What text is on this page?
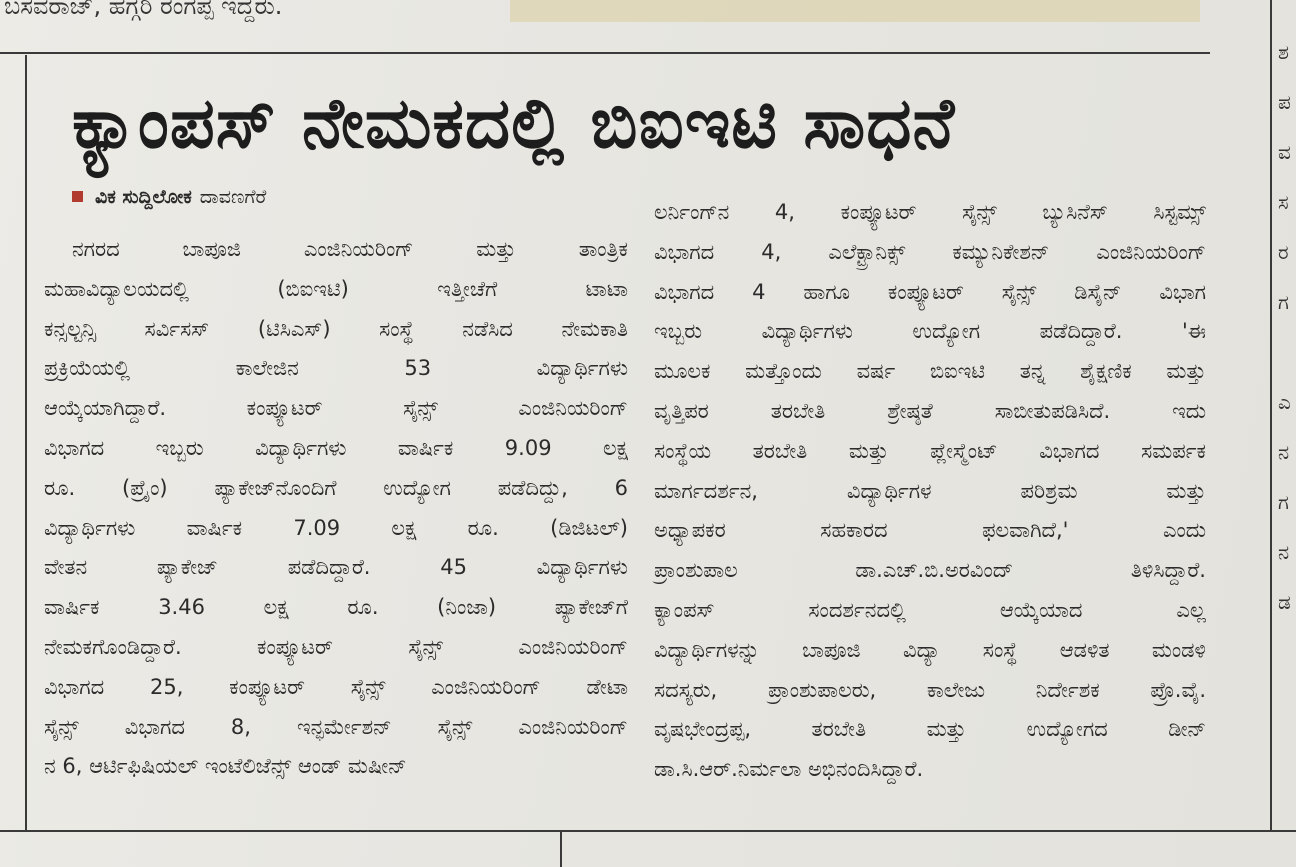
ಬಸವರಾಜ್, ಹಗ್ಗರಿ ರಂಗಪ್ಪ ಇದ್ದರು.
ಶ
ಪ
ವ
ಸ
ರ
ಗ
ಎ
ನ
ಗ
ನ
ಡ
ಕ್ಯಾಂಪಸ್ ನೇಮಕದಲ್ಲಿ ಬಿಐಇಟಿ ಸಾಧನೆ
ವಿಕ ಸುದ್ದಿಲೋಕ ದಾವಣಗೆರೆ
ನಗರದ ಬಾಪೂಜಿ ಎಂಜಿನಿಯರಿಂಗ್ ಮತ್ತು ತಾಂತ್ರಿಕ
ಮಹಾವಿದ್ಯಾಲಯದಲ್ಲಿ (ಬಿಐಇಟಿ) ಇತ್ತೀಚೆಗೆ ಟಾಟಾ
ಕನ್ಸಲ್ಟನ್ಸಿ ಸರ್ವಿಸಸ್ (ಟಿಸಿಎಸ್) ಸಂಸ್ಥೆ ನಡೆಸಿದ ನೇಮಕಾತಿ
ಪ್ರಕ್ರಿಯೆಯಲ್ಲಿ ಕಾಲೇಜಿನ 53 ವಿದ್ಯಾರ್ಥಿಗಳು
ಆಯ್ಕೆಯಾಗಿದ್ದಾರೆ. ಕಂಪ್ಯೂಟರ್ ಸೈನ್ಸ್ ಎಂಜಿನಿಯರಿಂಗ್
ವಿಭಾಗದ ಇಬ್ಬರು ವಿದ್ಯಾರ್ಥಿಗಳು ವಾರ್ಷಿಕ 9.09 ಲಕ್ಷ
ರೂ. (ಪ್ರೈಂ) ಪ್ಯಾಕೇಜ್‌ನೊಂದಿಗೆ ಉದ್ಯೋಗ ಪಡೆದಿದ್ದು, 6
ವಿದ್ಯಾರ್ಥಿಗಳು ವಾರ್ಷಿಕ 7.09 ಲಕ್ಷ ರೂ. (ಡಿಜಿಟಲ್)
ವೇತನ ಪ್ಯಾಕೇಜ್ ಪಡೆದಿದ್ದಾರೆ. 45 ವಿದ್ಯಾರ್ಥಿಗಳು
ವಾರ್ಷಿಕ 3.46 ಲಕ್ಷ ರೂ. (ನಿಂಜಾ) ಪ್ಯಾಕೇಜ್‌ಗೆ
ನೇಮಕಗೊಂಡಿದ್ದಾರೆ. ಕಂಪ್ಯೂಟರ್ ಸೈನ್ಸ್ ಎಂಜಿನಿಯರಿಂಗ್
ವಿಭಾಗದ 25, ಕಂಪ್ಯೂಟರ್ ಸೈನ್ಸ್ ಎಂಜಿನಿಯರಿಂಗ್ ಡೇಟಾ
ಸೈನ್ಸ್ ವಿಭಾಗದ 8, ಇನ್ಫರ್ಮೇಶನ್ ಸೈನ್ಸ್ ಎಂಜಿನಿಯರಿಂಗ್
ನ 6, ಆರ್ಟಿಫಿಷಿಯಲ್ ಇಂಟೆಲಿಜೆನ್ಸ್ ಆಂಡ್ ಮಷೀನ್
ಲರ್ನಿಂಗ್‌ನ 4, ಕಂಪ್ಯೂಟರ್ ಸೈನ್ಸ್ ಬ್ಯುಸಿನೆಸ್ ಸಿಸ್ಟಮ್ಸ್
ವಿಭಾಗದ 4, ಎಲೆಕ್ಟ್ರಾನಿಕ್ಸ್ ಕಮ್ಯುನಿಕೇಶನ್ ಎಂಜಿನಿಯರಿಂಗ್
ವಿಭಾಗದ 4 ಹಾಗೂ ಕಂಪ್ಯೂಟರ್ ಸೈನ್ಸ್ ಡಿಸೈನ್ ವಿಭಾಗ
ಇಬ್ಬರು ವಿದ್ಯಾರ್ಥಿಗಳು ಉದ್ಯೋಗ ಪಡೆದಿದ್ದಾರೆ. 'ಈ
ಮೂಲಕ ಮತ್ತೊಂದು ವರ್ಷ ಬಿಐಇಟಿ ತನ್ನ ಶೈಕ್ಷಣಿಕ ಮತ್ತು
ವೃತ್ತಿಪರ ತರಬೇತಿ ಶ್ರೇಷ್ಠತೆ ಸಾಬೀತುಪಡಿಸಿದೆ. ಇದು
ಸಂಸ್ಥೆಯ ತರಬೇತಿ ಮತ್ತು ಪ್ಲೇಸ್ಮೆಂಟ್ ವಿಭಾಗದ ಸಮರ್ಪಕ
ಮಾರ್ಗದರ್ಶನ, ವಿದ್ಯಾರ್ಥಿಗಳ ಪರಿಶ್ರಮ ಮತ್ತು
ಅಧ್ಯಾಪಕರ ಸಹಕಾರದ ಫಲವಾಗಿದೆ,' ಎಂದು
ಪ್ರಾಂಶುಪಾಲ ಡಾ.ಎಚ್.ಬಿ.ಅರವಿಂದ್ ತಿಳಿಸಿದ್ದಾರೆ.
ಕ್ಯಾಂಪಸ್ ಸಂದರ್ಶನದಲ್ಲಿ ಆಯ್ಕೆಯಾದ ಎಲ್ಲ
ವಿದ್ಯಾರ್ಥಿಗಳನ್ನು ಬಾಪೂಜಿ ವಿದ್ಯಾ ಸಂಸ್ಥೆ ಆಡಳಿತ ಮಂಡಳಿ
ಸದಸ್ಯರು, ಪ್ರಾಂಶುಪಾಲರು, ಕಾಲೇಜು ನಿರ್ದೇಶಕ ಪ್ರೊ.ವೈ.
ವೃಷಭೇಂದ್ರಪ್ಪ, ತರಬೇತಿ ಮತ್ತು ಉದ್ಯೋಗದ ಡೀನ್
ಡಾ.ಸಿ.ಆರ್.ನಿರ್ಮಲಾ ಅಭಿನಂದಿಸಿದ್ದಾರೆ.
